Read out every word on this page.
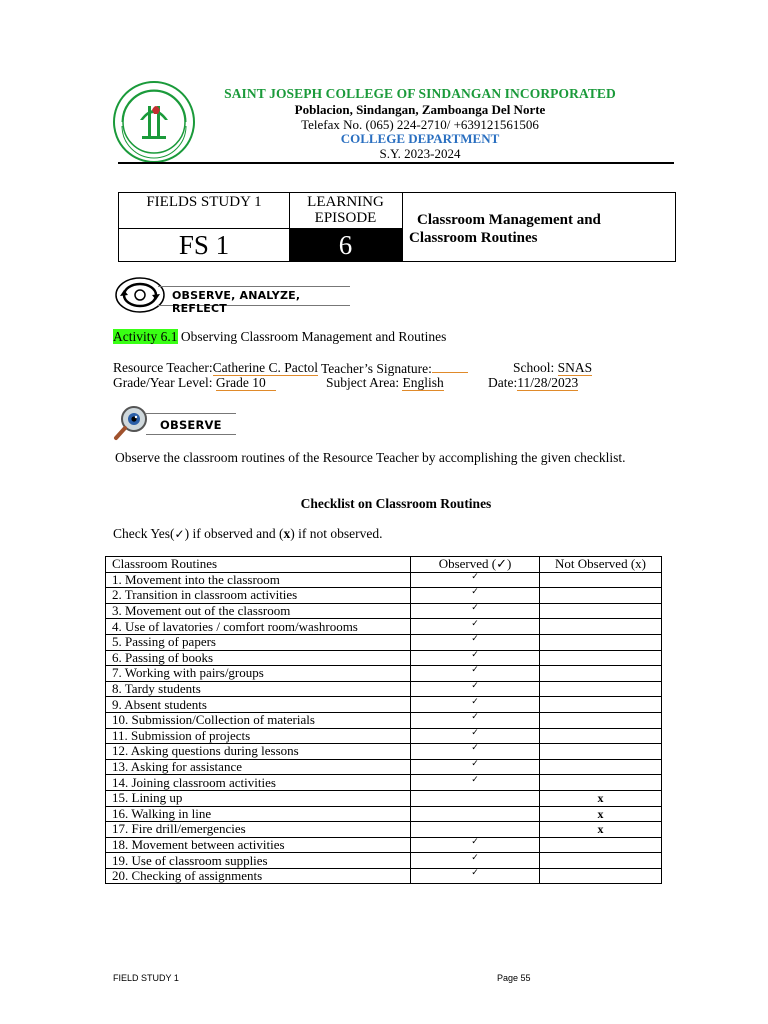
SAINT JOSEPH COLLEGE OF SINDANGAN INCORPORATED
Poblacion, Sindangan, Zamboanga Del Norte
Telefax No. (065) 224-2710/ +639121561506
COLLEGE DEPARTMENT
S.Y. 2023-2024
FIELDS STUDY 1
FS 1
LEARNING
EPISODE
6
Classroom Management and
Classroom Routines
OBSERVE, ANALYZE, REFLECT
Activity 6.1 Observing Classroom Management and Routines
Resource Teacher:Catherine C. Pactol Teacher’s Signature:	School: SNAS
Grade/Year Level: Grade 10	Subject Area: English	Date:11/28/2023
OBSERVE
Observe the classroom routines of the Resource Teacher by accomplishing the given checklist.
Checklist on Classroom Routines
Check Yes(✓) if observed and (x) if not observed.
Classroom Routines	Observed (✓)	Not Observed (x)
1. Movement into the classroom	✓	
2. Transition in classroom activities	✓	
3. Movement out of the classroom	✓	
4. Use of lavatories / comfort room/washrooms	✓	
5. Passing of papers	✓	
6. Passing of books	✓	
7. Working with pairs/groups	✓	
8. Tardy students	✓	
9. Absent students	✓	
10. Submission/Collection of materials	✓	
11. Submission of projects	✓	
12. Asking questions during lessons	✓	
13. Asking for assistance	✓	
14. Joining classroom activities	✓	
15. Lining up		x
16. Walking in line		x
17. Fire drill/emergencies		x
18. Movement between activities	✓	
19. Use of classroom supplies	✓	
20. Checking of assignments	✓	
FIELD STUDY 1	Page 55
